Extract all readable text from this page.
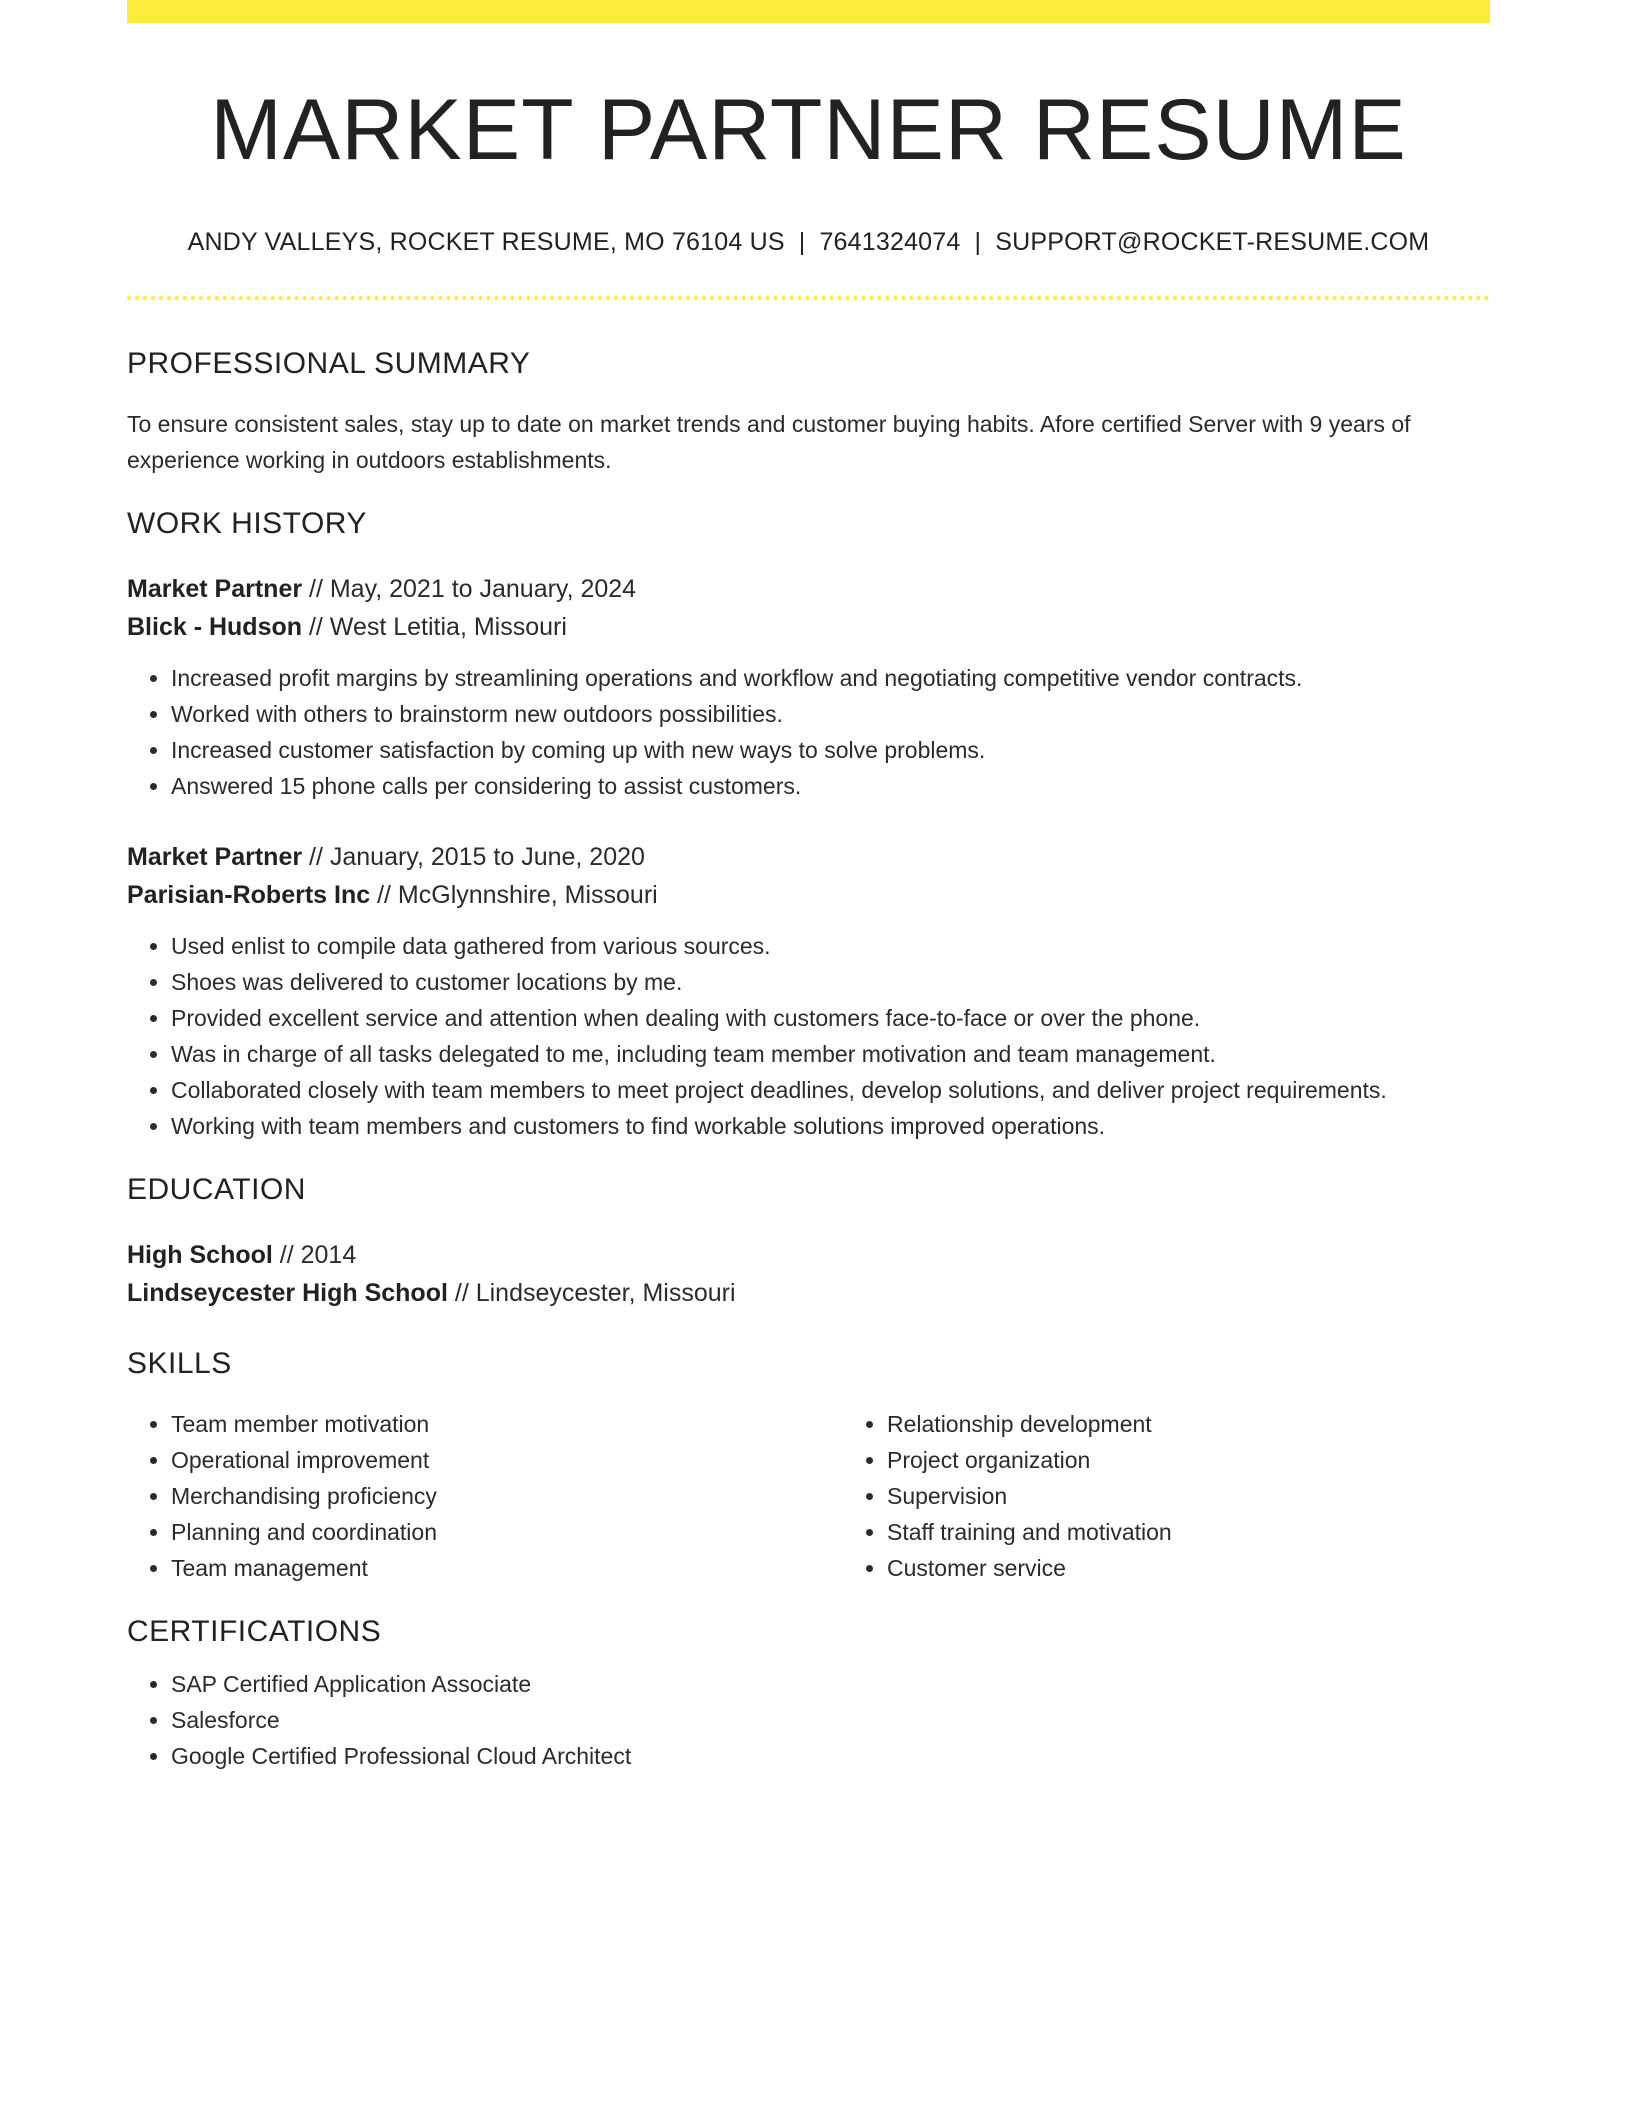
MARKET PARTNER RESUME
ANDY VALLEYS, ROCKET RESUME, MO 76104 US | 7641324074 | SUPPORT@ROCKET-RESUME.COM
PROFESSIONAL SUMMARY
To ensure consistent sales, stay up to date on market trends and customer buying habits. Afore certified Server with 9 years of experience working in outdoors establishments.
WORK HISTORY
Market Partner // May, 2021 to January, 2024
Blick - Hudson // West Letitia, Missouri
• Increased profit margins by streamlining operations and workflow and negotiating competitive vendor contracts.
• Worked with others to brainstorm new outdoors possibilities.
• Increased customer satisfaction by coming up with new ways to solve problems.
• Answered 15 phone calls per considering to assist customers.
Market Partner // January, 2015 to June, 2020
Parisian-Roberts Inc // McGlynnshire, Missouri
• Used enlist to compile data gathered from various sources.
• Shoes was delivered to customer locations by me.
• Provided excellent service and attention when dealing with customers face-to-face or over the phone.
• Was in charge of all tasks delegated to me, including team member motivation and team management.
• Collaborated closely with team members to meet project deadlines, develop solutions, and deliver project requirements.
• Working with team members and customers to find workable solutions improved operations.
EDUCATION
High School // 2014
Lindseycester High School // Lindseycester, Missouri
SKILLS
• Team member motivation
• Operational improvement
• Merchandising proficiency
• Planning and coordination
• Team management
• Relationship development
• Project organization
• Supervision
• Staff training and motivation
• Customer service
CERTIFICATIONS
• SAP Certified Application Associate
• Salesforce
• Google Certified Professional Cloud Architect
